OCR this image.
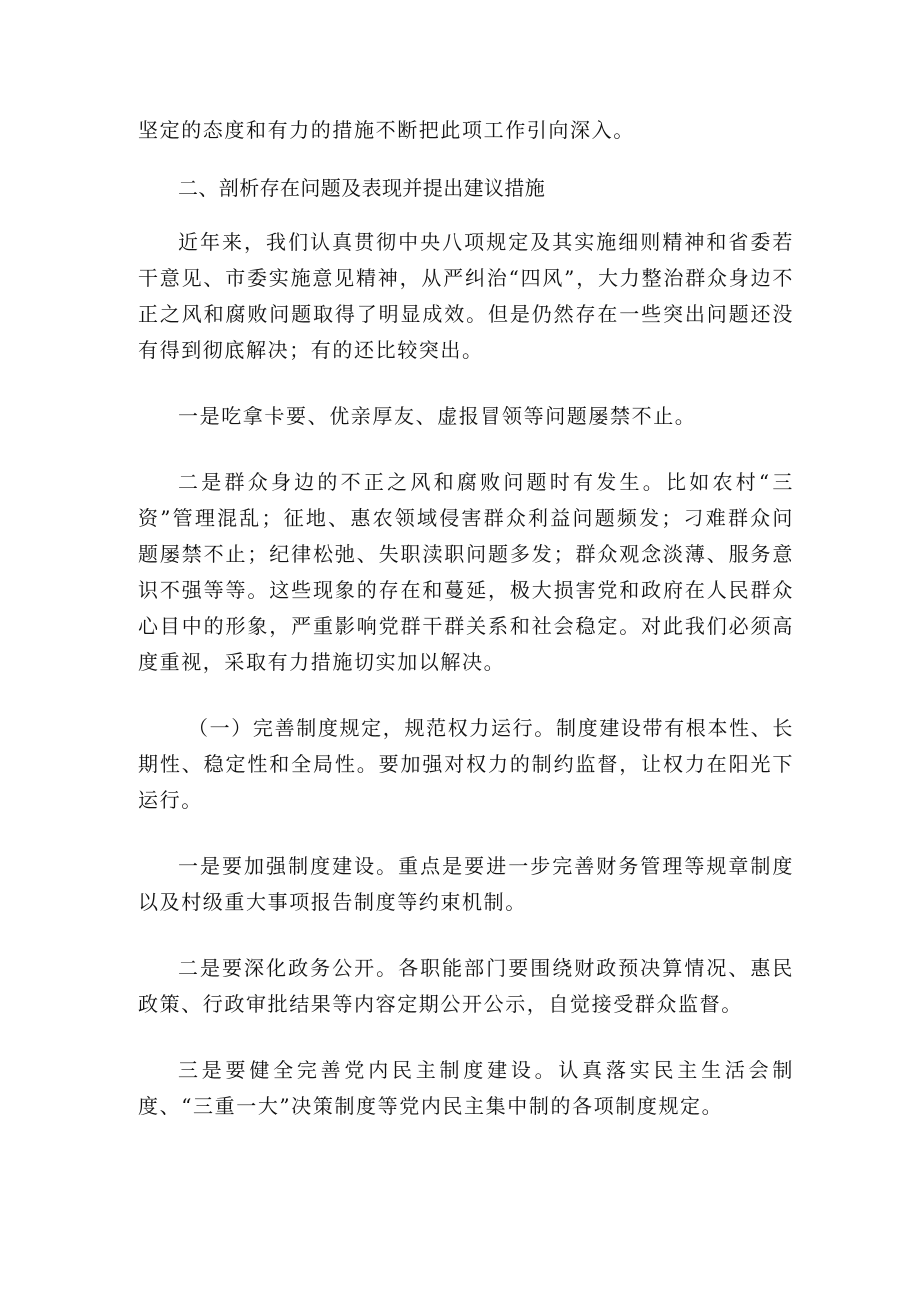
坚定的态度和有力的措施不断把此项工作引向深入。

二、剖析存在问题及表现并提出建议措施

近年来，我们认真贯彻中央八项规定及其实施细则精神和省委若干意见、市委实施意见精神，从严纠治“四风”，大力整治群众身边不正之风和腐败问题取得了明显成效。但是仍然存在一些突出问题还没有得到彻底解决；有的还比较突出。

一是吃拿卡要、优亲厚友、虚报冒领等问题屡禁不止。

二是群众身边的不正之风和腐败问题时有发生。比如农村“三资”管理混乱；征地、惠农领域侵害群众利益问题频发；刁难群众问题屡禁不止；纪律松弛、失职渎职问题多发；群众观念淡薄、服务意识不强等等。这些现象的存在和蔓延，极大损害党和政府在人民群众心目中的形象，严重影响党群干群关系和社会稳定。对此我们必须高度重视，采取有力措施切实加以解决。

（一）完善制度规定，规范权力运行。制度建设带有根本性、长期性、稳定性和全局性。要加强对权力的制约监督，让权力在阳光下运行。

一是要加强制度建设。重点是要进一步完善财务管理等规章制度以及村级重大事项报告制度等约束机制。

二是要深化政务公开。各职能部门要围绕财政预决算情况、惠民政策、行政审批结果等内容定期公开公示，自觉接受群众监督。

三是要健全完善党内民主制度建设。认真落实民主生活会制度、“三重一大”决策制度等党内民主集中制的各项制度规定。
